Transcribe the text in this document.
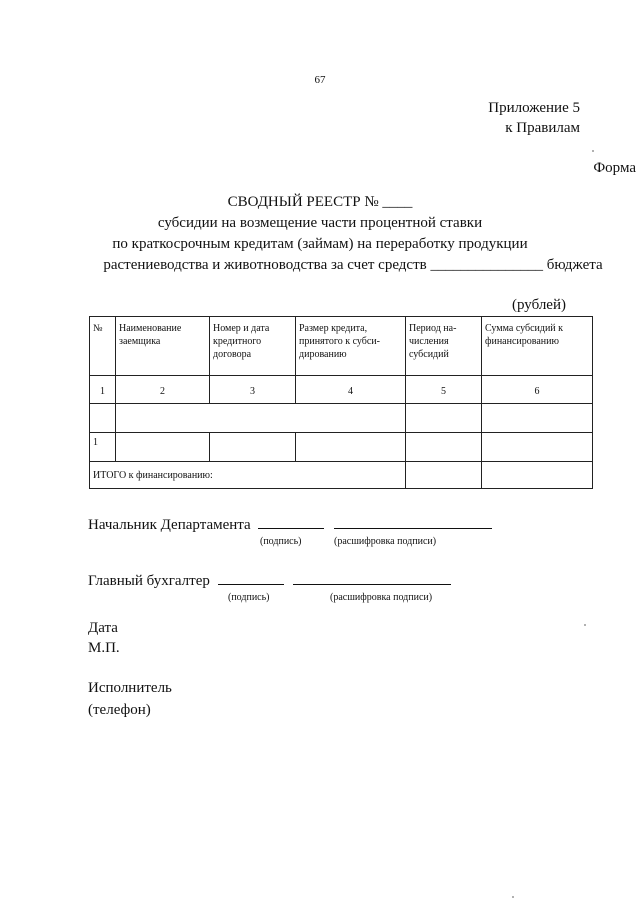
67
Приложение 5
к Правилам
Форма
СВОДНЫЙ РЕЕСТР № ____
субсидии на возмещение части процентной ставки
по краткосрочным кредитам (займам) на переработку продукции
растениеводства и животноводства за счет средств _______________ бюджета
(рублей)
№	Наименование заемщика	Номер и дата кредитного договора	Размер кредита, принятого к субси-дированию	Период на-числения субсидий	Сумма субсидий к финансированию
1	2	3	4	5	6

1					
ИТОГО к финансированию:					
Начальник Департамента
(подпись)	(расшифровка подписи)
Главный бухгалтер
(подпись)	(расшифровка подписи)
Дата
М.П.
Исполнитель
(телефон)
